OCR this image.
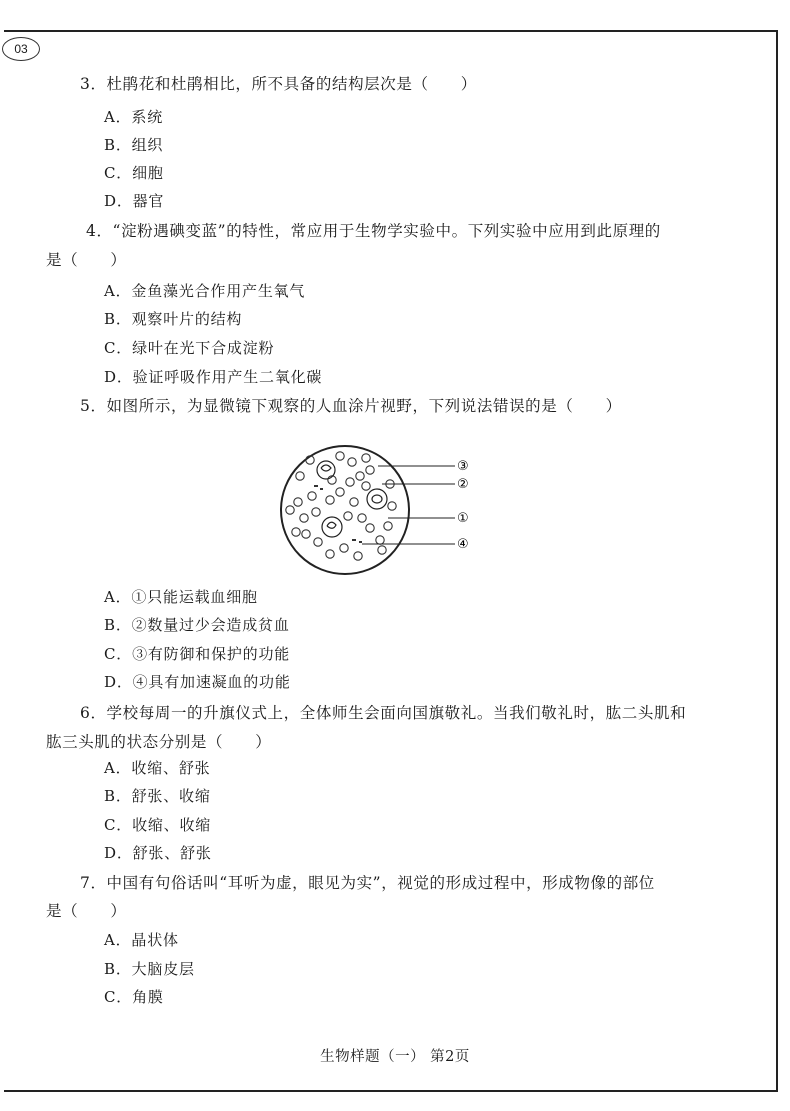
03
3．杜鹃花和杜鹃相比，所不具备的结构层次是（　　）
A．系统
B．组织
C．细胞
D．器官
4．“淀粉遇碘变蓝”的特性，常应用于生物学实验中。下列实验中应用到此原理的
是（　　）
A．金鱼藻光合作用产生氧气
B．观察叶片的结构
C．绿叶在光下合成淀粉
D．验证呼吸作用产生二氧化碳
5．如图所示，为显微镜下观察的人血涂片视野，下列说法错误的是（　　）
③
②
①
④
A．①只能运载血细胞
B．②数量过少会造成贫血
C．③有防御和保护的功能
D．④具有加速凝血的功能
6．学校每周一的升旗仪式上，全体师生会面向国旗敬礼。当我们敬礼时，肱二头肌和
肱三头肌的状态分别是（　　）
A．收缩、舒张
B．舒张、收缩
C．收缩、收缩
D．舒张、舒张
7．中国有句俗话叫“耳听为虚，眼见为实”，视觉的形成过程中，形成物像的部位
是（　　）
A．晶状体
B．大脑皮层
C．角膜
生物样题（一） 第2页
